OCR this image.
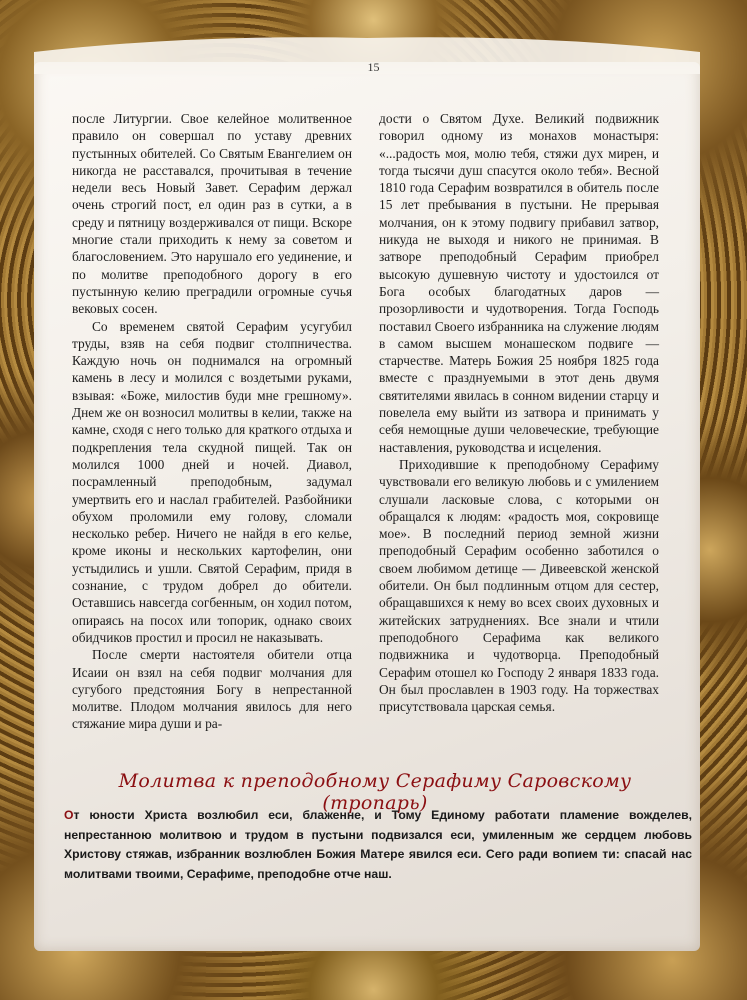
15

после Литургии. Свое келейное молитвенное правило он совершал по уставу древних пустынных обителей. Со Святым Евангелием он никогда не расставался, прочитывая в течение недели весь Новый Завет. Серафим держал очень строгий пост, ел один раз в сутки, а в среду и пятницу воздерживался от пищи. Вскоре многие стали приходить к нему за советом и благословением. Это нарушало его уединение, и по молитве преподобного дорогу в его пустынную келию преградили огромные сучья вековых сосен.

Со временем святой Серафим усугубил труды, взяв на себя подвиг столпничества. Каждую ночь он поднимался на огромный камень в лесу и молился с воздетыми руками, взывая: «Боже, милостив буди мне грешному». Днем же он возносил молитвы в келии, также на камне, сходя с него только для краткого отдыха и подкрепления тела скудной пищей. Так он молился 1000 дней и ночей. Диавол, посрамленный преподобным, задумал умертвить его и наслал грабителей. Разбойники обухом проломили ему голову, сломали несколько ребер. Ничего не найдя в его келье, кроме иконы и нескольких картофелин, они устыдились и ушли. Святой Серафим, придя в сознание, с трудом добрел до обители. Оставшись навсегда согбенным, он ходил потом, опираясь на посох или топорик, однако своих обидчиков простил и просил не наказывать.

После смерти настоятеля обители отца Исаии он взял на себя подвиг молчания для сугубого предстояния Богу в непрестанной молитве. Плодом молчания явилось для него стяжание мира души и ра-

дости о Святом Духе. Великий подвижник говорил одному из монахов монастыря: «...радость моя, молю тебя, стяжи дух мирен, и тогда тысячи душ спасутся около тебя». Весной 1810 года Серафим возвратился в обитель после 15 лет пребывания в пустыни. Не прерывая молчания, он к этому подвигу прибавил затвор, никуда не выходя и никого не принимая. В затворе преподобный Серафим приобрел высокую душевную чистоту и удостоился от Бога особых благодатных даров — прозорливости и чудотворения. Тогда Господь поставил Своего избранника на служение людям в самом высшем монашеском подвиге — старчестве. Матерь Божия 25 ноября 1825 года вместе с празднуемыми в этот день двумя святителями явилась в сонном видении старцу и повелела ему выйти из затвора и принимать у себя немощные души человеческие, требующие наставления, руководства и исцеления.

Приходившие к преподобному Серафиму чувствовали его великую любовь и с умилением слушали ласковые слова, с которыми он обращался к людям: «радость моя, сокровище мое». В последний период земной жизни преподобный Серафим особенно заботился о своем любимом детище — Дивеевской женской обители. Он был подлинным отцом для сестер, обращавшихся к нему во всех своих духовных и житейских затруднениях. Все знали и чтили преподобного Серафима как великого подвижника и чудотворца. Преподобный Серафим отошел ко Господу 2 января 1833 года. Он был прославлен в 1903 году. На торжествах присутствовала царская семья.

Молитва к преподобному Серафиму Саровскому (тропарь)
От юности Христа возлюбил еси, блаженне, и Тому Единому работати пламение вожделев, непрестанною молитвою и трудом в пустыни подвизался еси, умиленным же сердцем любовь Христову стяжав, избранник возлюблен Божия Матере явился еси. Сего ради вопием ти: спасай нас молитвами твоими, Серафиме, преподобне отче наш.
